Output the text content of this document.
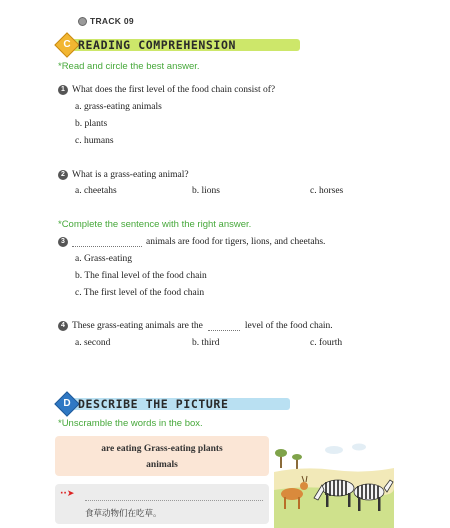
TRACK 09
C READING COMPREHENSION
*Read and circle the best answer.
1 What does the first level of the food chain consist of?
a. grass-eating animals
b. plants
c. humans
2 What is a grass-eating animal?
a. cheetahs	b. lions	c. horses
*Complete the sentence with the right answer.
3	animals are food for tigers, lions, and cheetahs.
a. Grass-eating
b. The final level of the food chain
c. The first level of the food chain
4 These grass-eating animals are the	level of the food chain.
a. second	b. third	c. fourth
D DESCRIBE THE PICTURE
*Unscramble the words in the box.
are eating Grass-eating plants
animals
··➤
食草动物们在吃草。
